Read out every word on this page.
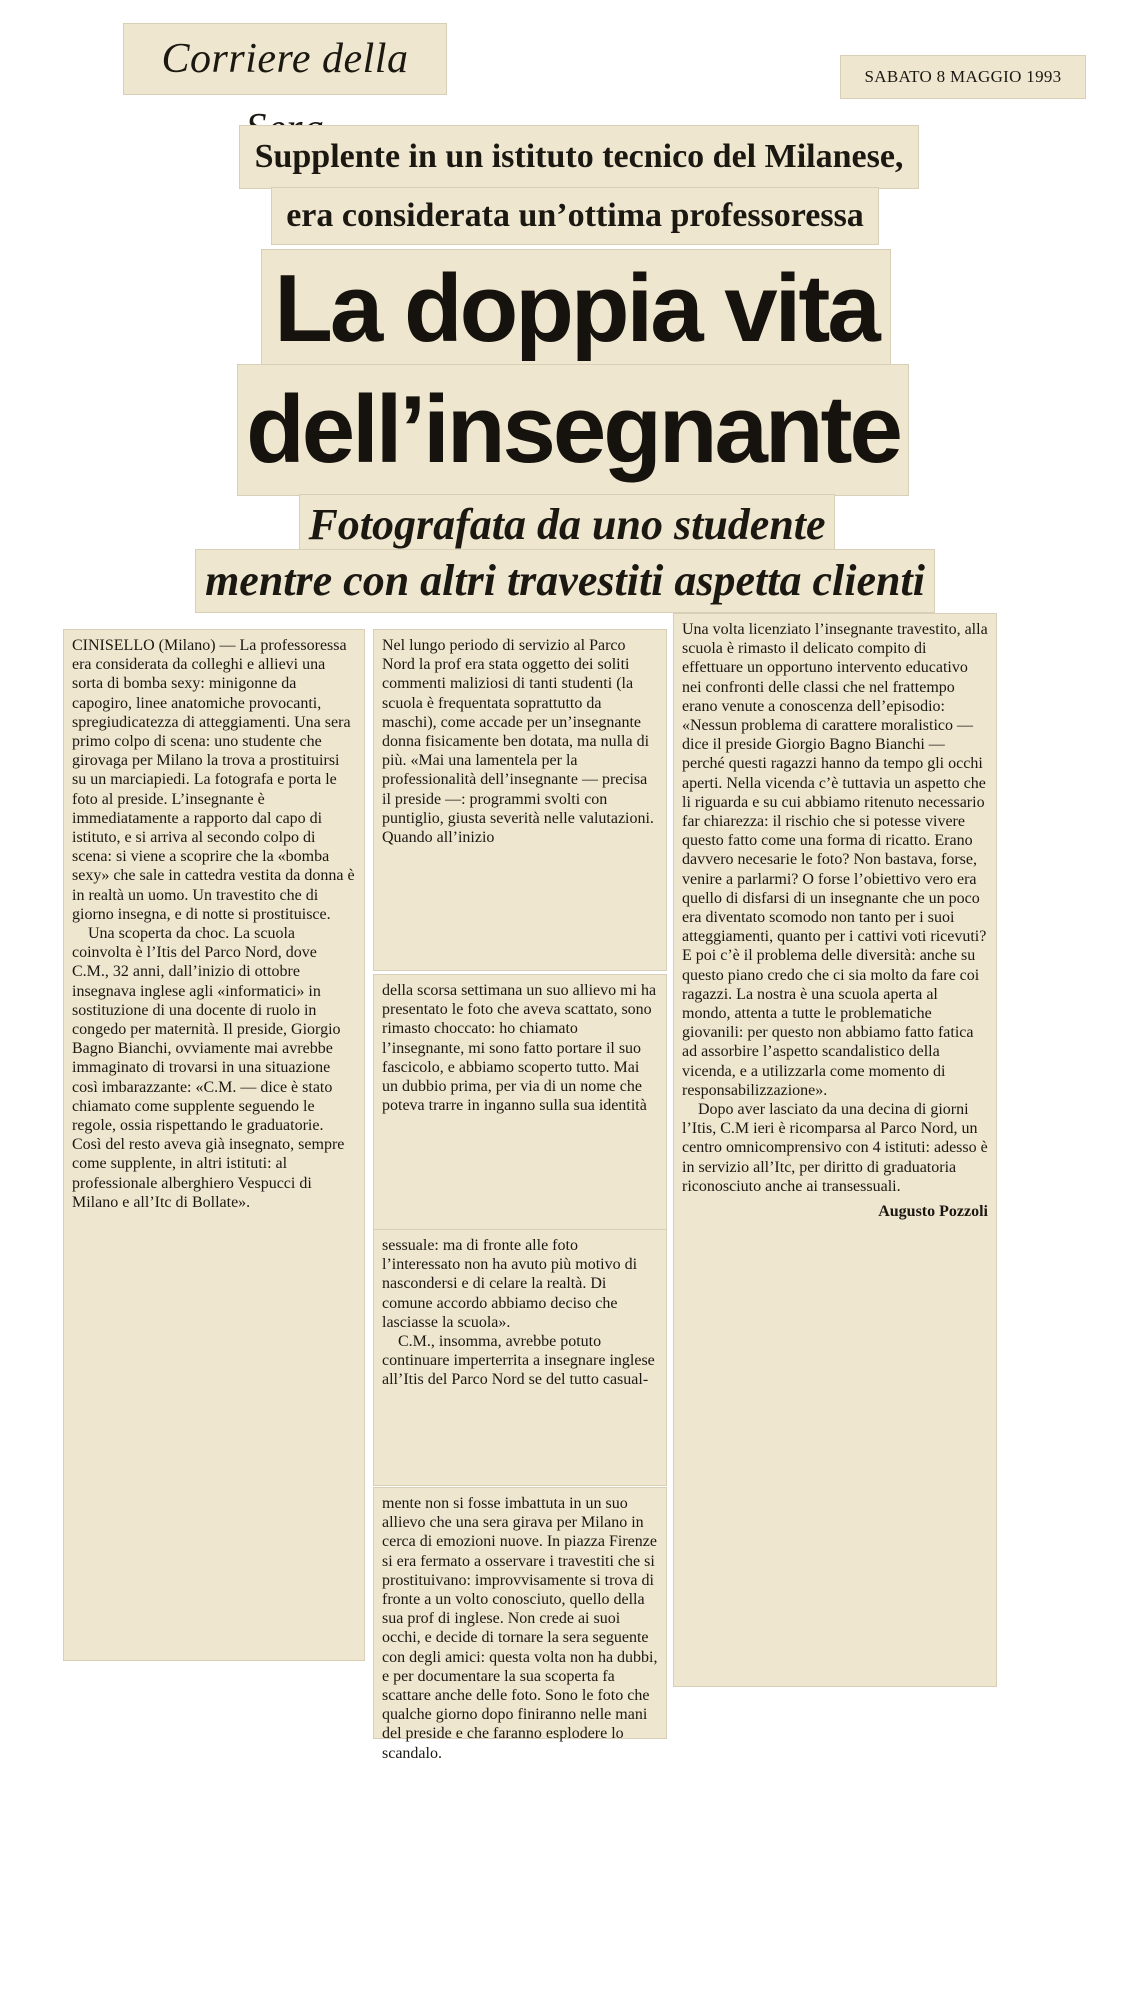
Corriere della	SABATO 8 MAGGIO 1993
Supplente in un istituto tecnico del Milanese,
era considerata un’ottima professoressa
La doppia vita
dell’insegnante
Fotografata da uno studente
mentre con altri travestiti aspetta clienti

CINISELLO (Milano) — La professoressa era considerata da colleghi e allievi una sorta di bomba sexy: minigonne da capogiro, linee anatomiche provocanti, spregiudicatezza di atteggiamenti. Una sera primo colpo di scena: uno studente che girovaga per Milano la trova a prostituirsi su un marciapiedi. La fotografa e porta le foto al preside. L’insegnante è immediatamente a rapporto dal capo di istituto, e si arriva al secondo colpo di scena: si viene a scoprire che la «bomba sexy» che sale in cattedra vestita da donna è in realtà un uomo. Un travestito che di giorno insegna, e di notte si prostituisce.
Una scoperta da choc. La scuola coinvolta è l’Itis del Parco Nord, dove C.M., 32 anni, dall’inizio di ottobre insegnava inglese agli «informatici» in sostituzione di una docente di ruolo in congedo per maternità. Il preside, Giorgio Bagno Bianchi, ovviamente mai avrebbe immaginato di trovarsi in una situazione così imbarazzante: «C.M. — dice è stato chiamato come supplente seguendo le regole, ossia rispettando le graduatorie. Così del resto aveva già insegnato, sempre come supplente, in altri istituti: al professionale alberghiero Vespucci di Milano e all’Itc di Bollate».

Nel lungo periodo di servizio al Parco Nord la prof era stata oggetto dei soliti commenti maliziosi di tanti studenti (la scuola è frequentata soprattutto da maschi), come accade per un’insegnante donna fisicamente ben dotata, ma nulla di più. «Mai una lamentela per la professionalità dell’insegnante — precisa il preside —: programmi svolti con puntiglio, giusta severità nelle valutazioni. Quando all’inizio

della scorsa settimana un suo allievo mi ha presentato le foto che aveva scattato, sono rimasto choccato: ho chiamato l’insegnante, mi sono fatto portare il suo fascicolo, e abbiamo scoperto tutto. Mai un dubbio prima, per via di un nome che poteva trarre in inganno sulla sua identità

sessuale: ma di fronte alle foto l’interessato non ha avuto più motivo di nascondersi e di celare la realtà. Di comune accordo abbiamo deciso che lasciasse la scuola».
C.M., insomma, avrebbe potuto continuare imperterrita a insegnare inglese all’Itis del Parco Nord se del tutto casual-

mente non si fosse imbattuta in un suo allievo che una sera girava per Milano in cerca di emozioni nuove. In piazza Firenze si era fermato a osservare i travestiti che si prostituivano: improvvisamente si trova di fronte a un volto conosciuto, quello della sua prof di inglese. Non crede ai suoi occhi, e decide di tornare la sera seguente con degli amici: questa volta non ha dubbi, e per documentare la sua scoperta fa scattare anche delle foto. Sono le foto che qualche giorno dopo finiranno nelle mani del preside e che faranno esplodere lo scandalo.

Una volta licenziato l’insegnante travestito, alla scuola è rimasto il delicato compito di effettuare un opportuno intervento educativo nei confronti delle classi che nel frattempo erano venute a conoscenza dell’episodio: «Nessun problema di carattere moralistico — dice il preside Giorgio Bagno Bianchi — perché questi ragazzi hanno da tempo gli occhi aperti. Nella vicenda c’è tuttavia un aspetto che li riguarda e su cui abbiamo ritenuto necessario far chiarezza: il rischio che si potesse vivere questo fatto come una forma di ricatto. Erano davvero necesarie le foto? Non bastava, forse, venire a parlarmi? O forse l’obiettivo vero era quello di disfarsi di un insegnante che un poco era diventato scomodo non tanto per i suoi atteggiamenti, quanto per i cattivi voti ricevuti? E poi c’è il problema delle diversità: anche su questo piano credo che ci sia molto da fare coi ragazzi. La nostra è una scuola aperta al mondo, attenta a tutte le problematiche giovanili: per questo non abbiamo fatto fatica ad assorbire l’aspetto scandalistico della vicenda, e a utilizzarla come momento di responsabilizzazione».
Dopo aver lasciato da una decina di giorni l’Itis, C.M ieri è ricomparsa al Parco Nord, un centro omnicomprensivo con 4 istituti: adesso è in servizio all’Itc, per diritto di graduatoria riconosciuto anche ai transessuali.

Augusto Pozzoli
